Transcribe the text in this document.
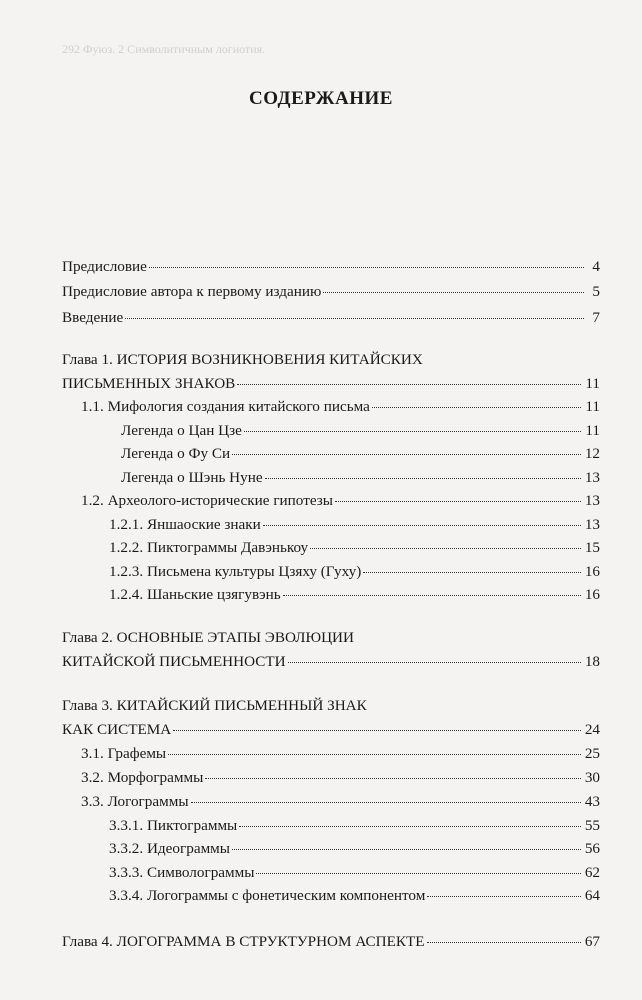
292 Фуюз. 2 Символитичным логиотия.
СОДЕРЖАНИЕ
Предисловие	4
Предисловие автора к первому изданию	5
Введение	7
Глава 1. ИСТОРИЯ ВОЗНИКНОВЕНИЯ КИТАЙСКИХ
ПИСЬМЕННЫХ ЗНАКОВ	11
1.1. Мифология создания китайского письма	11
Легенда о Цан Цзе	11
Легенда о Фу Си	12
Легенда о Шэнь Нуне	13
1.2. Археолого-исторические гипотезы	13
1.2.1. Яншаоские знаки	13
1.2.2. Пиктограммы Давэнькоу	15
1.2.3. Письмена культуры Цзяху (Гуху)	16
1.2.4. Шаньские цзягувэнь	16
Глава 2. ОСНОВНЫЕ ЭТАПЫ ЭВОЛЮЦИИ
КИТАЙСКОЙ ПИСЬМЕННОСТИ	18
Глава 3. КИТАЙСКИЙ ПИСЬМЕННЫЙ ЗНАК
КАК СИСТЕМА	24
3.1. Графемы	25
3.2. Морфограммы	30
3.3. Логограммы	43
3.3.1. Пиктограммы	55
3.3.2. Идеограммы	56
3.3.3. Символограммы	62
3.3.4. Логограммы с фонетическим компонентом	64
Глава 4. ЛОГОГРАММА В СТРУКТУРНОМ АСПЕКТЕ	67
